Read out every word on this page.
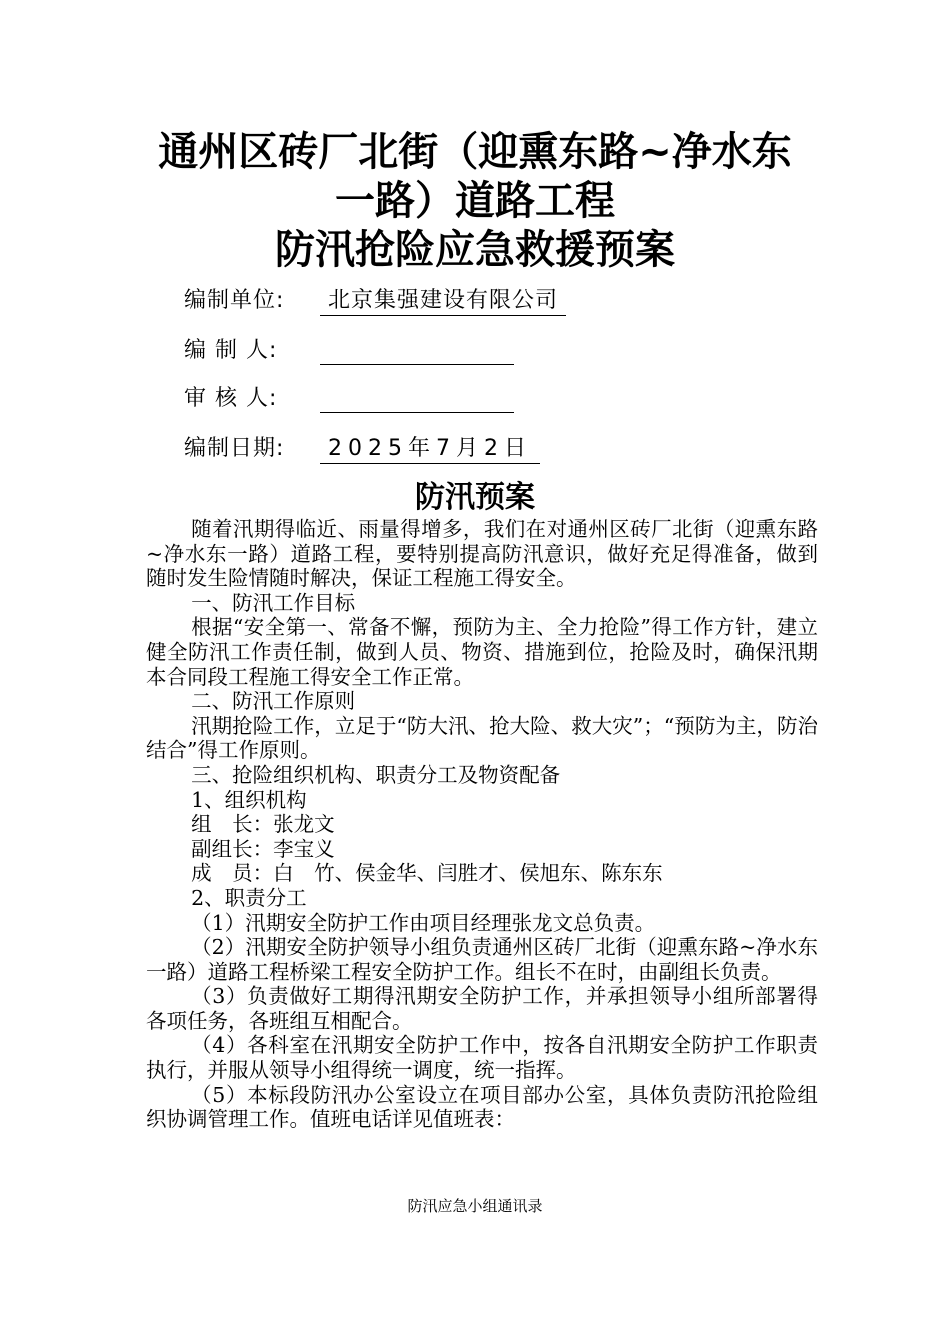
通州区砖厂北街（迎熏东路~净水东
一路）道路工程
防汛抢险应急救援预案
编制单位: 北京集强建设有限公司
编 制 人:
审 核 人:
编制日期: 2025年7月2日
防汛预案

随着汛期得临近、雨量得增多，我们在对通州区砖厂北街（迎熏东路~净水东一路）道路工程，要特别提高防汛意识，做好充足得准备，做到随时发生险情随时解决，保证工程施工得安全。

一、防汛工作目标

根据“安全第一、常备不懈，预防为主、全力抢险”得工作方针，建立健全防汛工作责任制，做到人员、物资、措施到位，抢险及时，确保汛期本合同段工程施工得安全工作正常。

二、防汛工作原则

汛期抢险工作，立足于“防大汛、抢大险、救大灾”；“预防为主，防治结合”得工作原则。

三、抢险组织机构、职责分工及物资配备

1、组织机构

组　长：张龙文

副组长：李宝义

成　员：白　竹、侯金华、闫胜才、侯旭东、陈东东

2、职责分工

（1）汛期安全防护工作由项目经理张龙文总负责。

（2）汛期安全防护领导小组负责通州区砖厂北街（迎熏东路~净水东一路）道路工程桥梁工程安全防护工作。组长不在时，由副组长负责。

（3）负责做好工期得汛期安全防护工作，并承担领导小组所部署得各项任务，各班组互相配合。

（4）各科室在汛期安全防护工作中，按各自汛期安全防护工作职责执行，并服从领导小组得统一调度，统一指挥。

（5）本标段防汛办公室设立在项目部办公室，具体负责防汛抢险组织协调管理工作。值班电话详见值班表：

防汛应急小组通讯录
